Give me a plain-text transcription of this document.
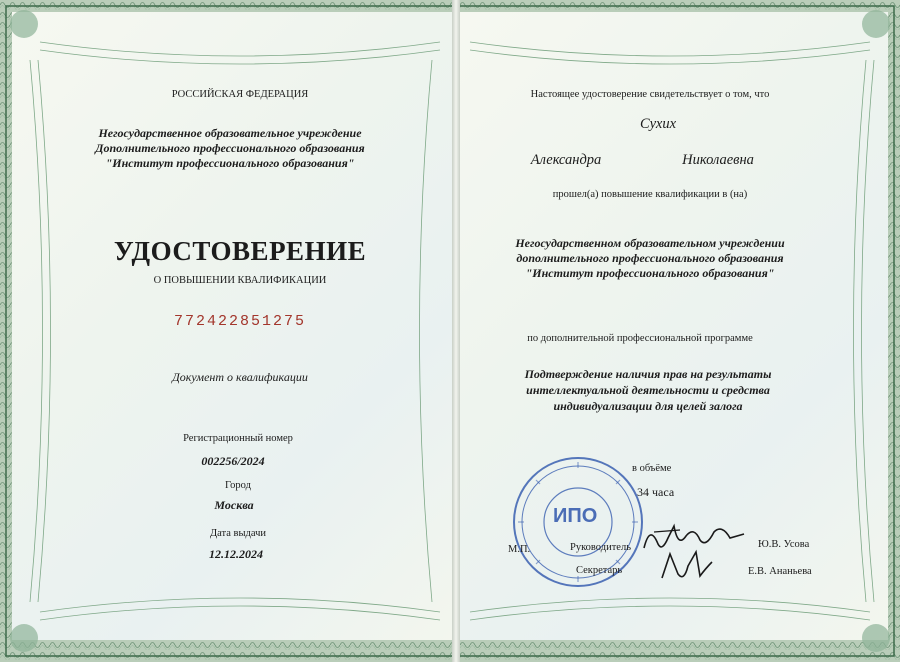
РОССИЙСКАЯ ФЕДЕРАЦИЯ
Негосударственное образовательное учреждение
Дополнительного профессионального образования
"Институт профессионального образования"
УДОСТОВЕРЕНИЕ
О ПОВЫШЕНИИ КВАЛИФИКАЦИИ
772422851275
Документ о квалификации
Регистрационный номер
002256/2024
Город
Москва
Дата выдачи
12.12.2024
Настоящее удостоверение свидетельствует о том, что
Сухих
Александра	Николаевна
прошел(а) повышение квалификации в (на)
Негосударственном образовательном учреждении
дополнительного профессионального образования
"Институт профессионального образования"
по дополнительной профессиональной программе
Подтверждение наличия прав на результаты
интеллектуальной деятельности и средства
индивидуализации для целей залога
в объёме
ИПО
34 часа
М.П.	Руководитель	Ю.В. Усова
Секретарь	Е.В. Ананьева
